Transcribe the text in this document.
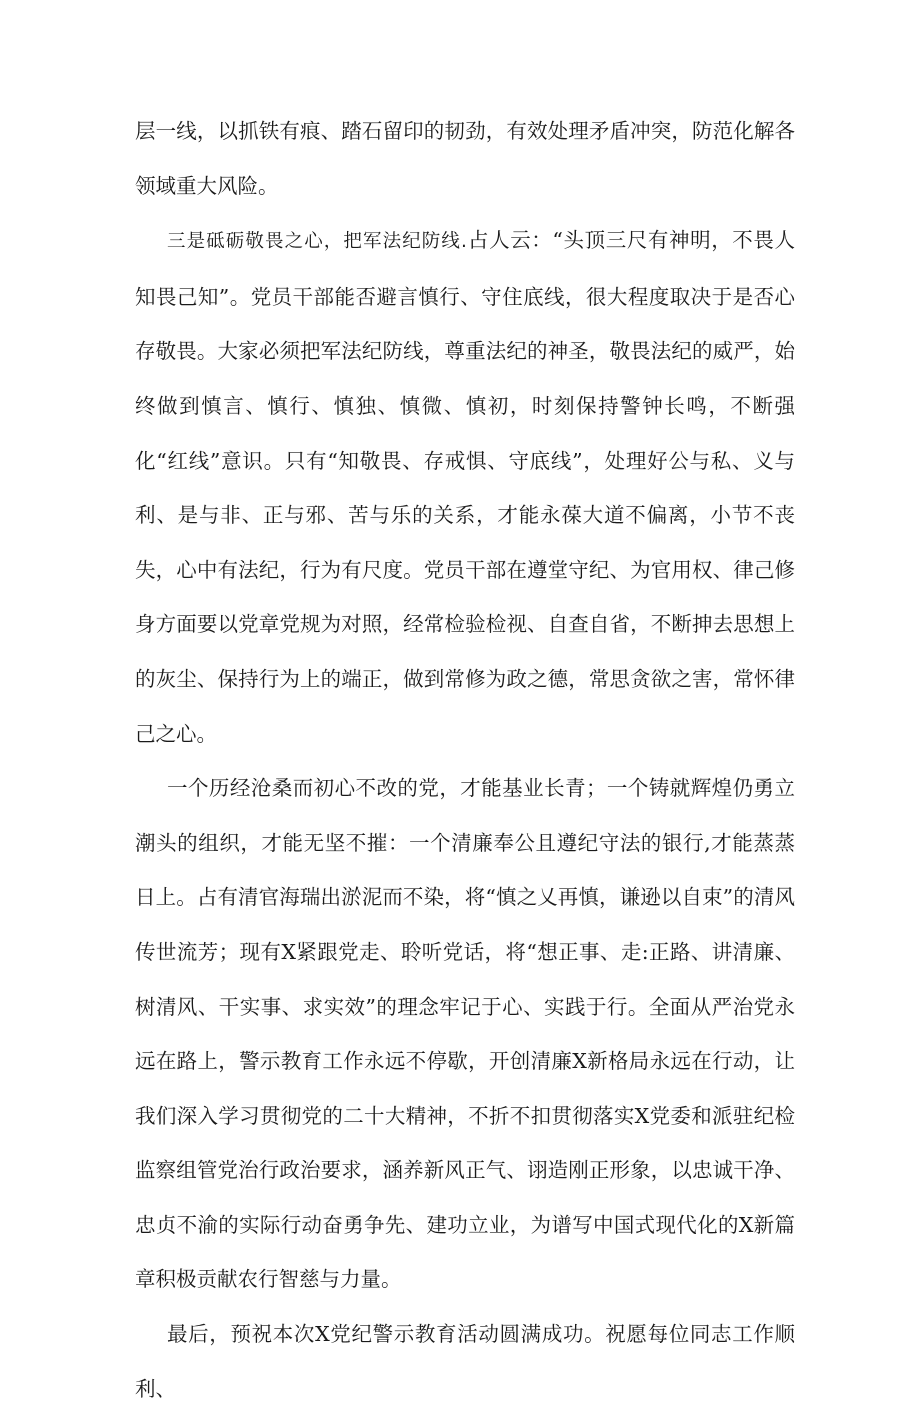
层一线，以抓铁有痕、踏石留印的韧劲，有效处理矛盾冲突，防范化解各领域重大风险。

三是砥砺敬畏之心，把军法纪防线.占人云：“头顶三尺有神明，不畏人知畏己知”。党员干部能否避言慎行、守住底线，很大程度取决于是否心存敬畏。大家必须把军法纪防线，尊重法纪的神圣，敬畏法纪的威严，始终做到慎言、慎行、慎独、慎微、慎初，时刻保持警钟长鸣，不断强化“红线”意识。只有“知敬畏、存戒惧、守底线”，处理好公与私、义与利、是与非、正与邪、苦与乐的关系，才能永葆大道不偏离，小节不丧失，心中有法纪，行为有尺度。党员干部在遵堂守纪、为官用权、律己修身方面要以党章党规为对照，经常检验检视、自查自省，不断抻去思想上的灰尘、保持行为上的端正，做到常修为政之德，常思贪欲之害，常怀律己之心。

一个历经沧桑而初心不改的党，才能基业长青；一个铸就辉煌仍勇立潮头的组织，才能无坚不摧：一个清廉奉公且遵纪守法的银行,才能蒸蒸日上。占有清官海瑞出淤泥而不染，将“慎之乂再慎，谦逊以自束”的清风传世流芳；现有X紧跟党走、聆听党话，将“想正事、走:正路、讲清廉、树清风、干实事、求实效”的理念牢记于心、实践于行。全面从严治党永远在路上，警示教育工作永远不停歇，开创清廉X新格局永远在行动，让我们深入学习贯彻党的二十大精神，不折不扣贯彻落实X党委和派驻纪检监察组管党治行政治要求，涵养新风正气、诩造刚正形象，以忠诚干净、忠贞不渝的实际行动奋勇争先、建功立业，为谱写中国式现代化的X新篇章积极贡献农行智慈与力量。

最后，预祝本次X党纪警示教育活动圆满成功。祝愿每位同志工作顺利、
